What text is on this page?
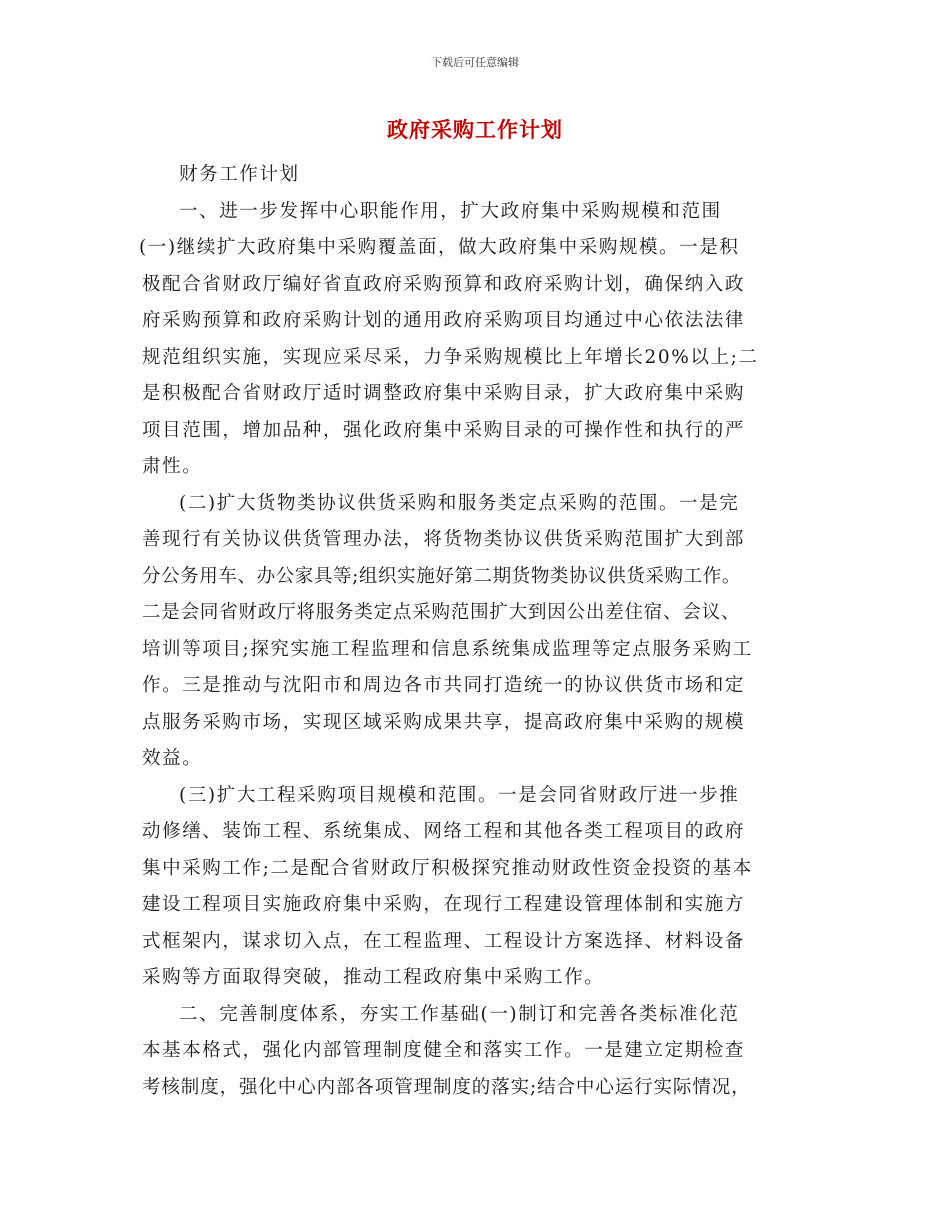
下载后可任意编辑
政府采购工作计划
财务工作计划
一、进一步发挥中心职能作用，扩大政府集中采购规模和范围
(一)继续扩大政府集中采购覆盖面，做大政府集中采购规模。一是积
极配合省财政厅编好省直政府采购预算和政府采购计划，确保纳入政
府采购预算和政府采购计划的通用政府采购项目均通过中心依法法律
规范组织实施，实现应采尽采，力争采购规模比上年增长20%以上;二
是积极配合省财政厅适时调整政府集中采购目录，扩大政府集中采购
项目范围，增加品种，强化政府集中采购目录的可操作性和执行的严
肃性。
(二)扩大货物类协议供货采购和服务类定点采购的范围。一是完
善现行有关协议供货管理办法，将货物类协议供货采购范围扩大到部
分公务用车、办公家具等;组织实施好第二期货物类协议供货采购工作。
二是会同省财政厅将服务类定点采购范围扩大到因公出差住宿、会议、
培训等项目;探究实施工程监理和信息系统集成监理等定点服务采购工
作。三是推动与沈阳市和周边各市共同打造统一的协议供货市场和定
点服务采购市场，实现区域采购成果共享，提高政府集中采购的规模
效益。
(三)扩大工程采购项目规模和范围。一是会同省财政厅进一步推
动修缮、装饰工程、系统集成、网络工程和其他各类工程项目的政府
集中采购工作;二是配合省财政厅积极探究推动财政性资金投资的基本
建设工程项目实施政府集中采购，在现行工程建设管理体制和实施方
式框架内，谋求切入点，在工程监理、工程设计方案选择、材料设备
采购等方面取得突破，推动工程政府集中采购工作。
二、完善制度体系，夯实工作基础(一)制订和完善各类标准化范
本基本格式，强化内部管理制度健全和落实工作。一是建立定期检查
考核制度，强化中心内部各项管理制度的落实;结合中心运行实际情况，
